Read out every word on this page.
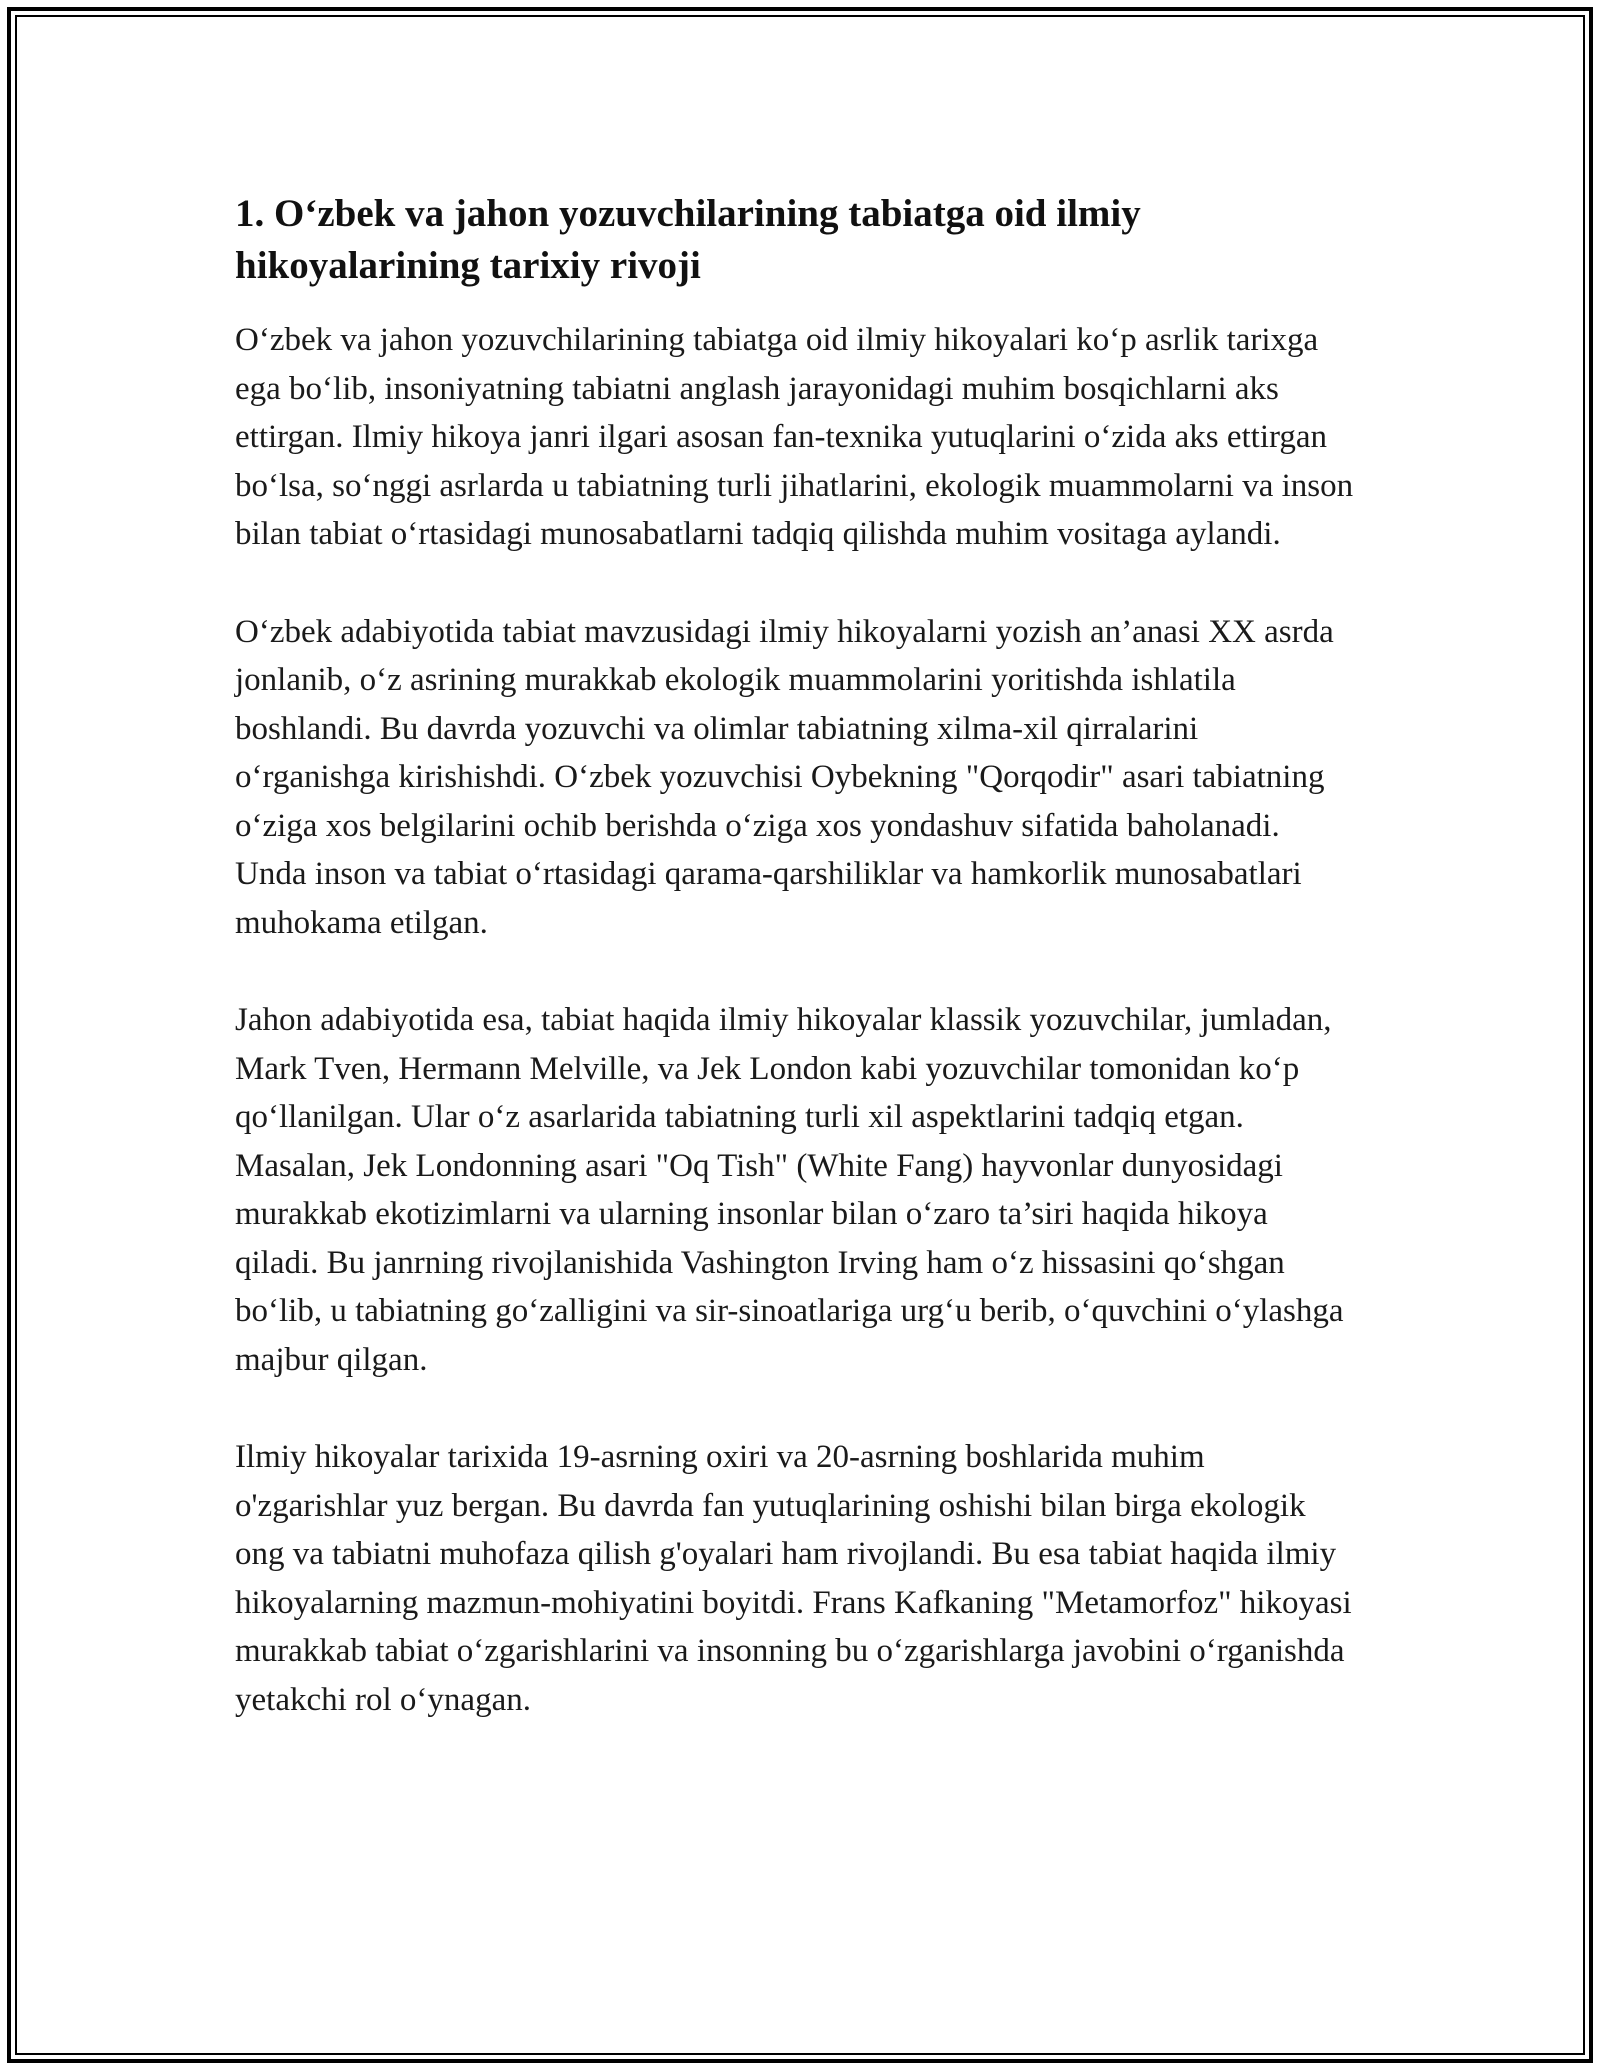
1. O‘zbek va jahon yozuvchilarining tabiatga oid ilmiy hikoyalarining tarixiy rivoji

O‘zbek va jahon yozuvchilarining tabiatga oid ilmiy hikoyalari ko‘p asrlik tarixga ega bo‘lib, insoniyatning tabiatni anglash jarayonidagi muhim bosqichlarni aks ettirgan. Ilmiy hikoya janri ilgari asosan fan-texnika yutuqlarini o‘zida aks ettirgan bo‘lsa, so‘nggi asrlarda u tabiatning turli jihatlarini, ekologik muammolarni va inson bilan tabiat o‘rtasidagi munosabatlarni tadqiq qilishda muhim vositaga aylandi.

O‘zbek adabiyotida tabiat mavzusidagi ilmiy hikoyalarni yozish an’anasi XX asrda jonlanib, o‘z asrining murakkab ekologik muammolarini yoritishda ishlatila boshlandi. Bu davrda yozuvchi va olimlar tabiatning xilma-xil qirralarini o‘rganishga kirishishdi. O‘zbek yozuvchisi Oybekning "Qorqodir" asari tabiatning o‘ziga xos belgilarini ochib berishda o‘ziga xos yondashuv sifatida baholanadi. Unda inson va tabiat o‘rtasidagi qarama-qarshiliklar va hamkorlik munosabatlari muhokama etilgan.

Jahon adabiyotida esa, tabiat haqida ilmiy hikoyalar klassik yozuvchilar, jumladan, Mark Tven, Hermann Melville, va Jek London kabi yozuvchilar tomonidan ko‘p qo‘llanilgan. Ular o‘z asarlarida tabiatning turli xil aspektlarini tadqiq etgan. Masalan, Jek Londonning asari "Oq Tish" (White Fang) hayvonlar dunyosidagi murakkab ekotizimlarni va ularning insonlar bilan o‘zaro ta’siri haqida hikoya qiladi. Bu janrning rivojlanishida Vashington Irving ham o‘z hissasini qo‘shgan bo‘lib, u tabiatning go‘zalligini va sir-sinoatlariga urg‘u berib, o‘quvchini o‘ylashga majbur qilgan.

Ilmiy hikoyalar tarixida 19-asrning oxiri va 20-asrning boshlarida muhim o'zgarishlar yuz bergan. Bu davrda fan yutuqlarining oshishi bilan birga ekologik ong va tabiatni muhofaza qilish g'oyalari ham rivojlandi. Bu esa tabiat haqida ilmiy hikoyalarning mazmun-mohiyatini boyitdi. Frans Kafkaning "Metamorfoz" hikoyasi murakkab tabiat o‘zgarishlarini va insonning bu o‘zgarishlarga javobini o‘rganishda yetakchi rol o‘ynagan.
